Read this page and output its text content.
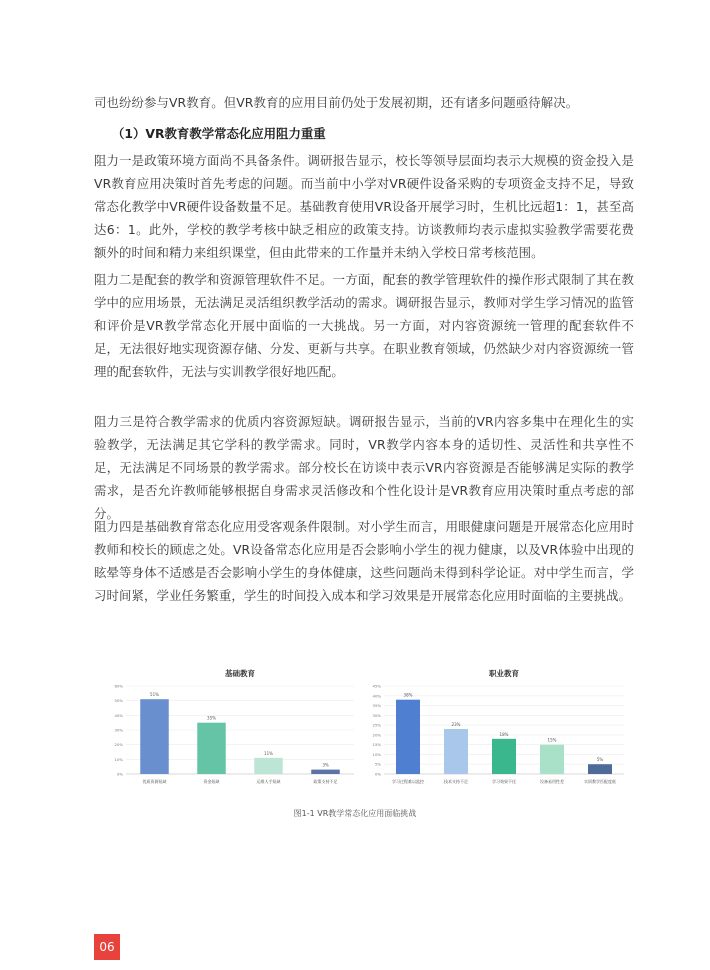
司也纷纷参与VR教育。但VR教育的应用目前仍处于发展初期，还有诸多问题亟待解决。

（1）VR教育教学常态化应用阻力重重

阻力一是政策环境方面尚不具备条件。调研报告显示，校长等领导层面均表示大规模的资金投入是VR教育应用决策时首先考虑的问题。而当前中小学对VR硬件设备采购的专项资金支持不足，导致常态化教学中VR硬件设备数量不足。基础教育使用VR设备开展学习时，生机比远超1：1，甚至高达6：1。此外，学校的教学考核中缺乏相应的政策支持。访谈教师均表示虚拟实验教学需要花费额外的时间和精力来组织课堂，但由此带来的工作量并未纳入学校日常考核范围。

阻力二是配套的教学和资源管理软件不足。一方面，配套的教学管理软件的操作形式限制了其在教学中的应用场景，无法满足灵活组织教学活动的需求。调研报告显示，教师对学生学习情况的监管和评价是VR教学常态化开展中面临的一大挑战。另一方面，对内容资源统一管理的配套软件不足，无法很好地实现资源存储、分发、更新与共享。在职业教育领域，仍然缺少对内容资源统一管理的配套软件，无法与实训教学很好地匹配。

阻力三是符合教学需求的优质内容资源短缺。调研报告显示，当前的VR内容多集中在理化生的实验教学，无法满足其它学科的教学需求。同时，VR教学内容本身的适切性、灵活性和共享性不足，无法满足不同场景的教学需求。部分校长在访谈中表示VR内容资源是否能够满足实际的教学需求，是否允许教师能够根据自身需求灵活修改和个性化设计是VR教育应用决策时重点考虑的部分。

阻力四是基础教育常态化应用受客观条件限制。对小学生而言，用眼健康问题是开展常态化应用时教师和校长的顾虑之处。VR设备常态化应用是否会影响小学生的视力健康，以及VR体验中出现的眩晕等身体不适感是否会影响小学生的身体健康，这些问题尚未得到科学论证。对中学生而言，学习时间紧，学业任务繁重，学生的时间投入成本和学习效果是开展常态化应用时面临的主要挑战。

基础教育
0%
10%
20%
30%
40%
50%
60%
51%
优质资源短缺
35%
资金短缺
11%
运维人手短缺
3%
政策支持不足
职业教育
0%
5%
10%
15%
20%
25%
30%
35%
40%
45%
38%
学习过程难以监控
23%
技术支持不足
18%
学习效果不佳
15%
设备易用性差
5%
实训教学匹配度低
图1-1 VR教学常态化应用面临挑战
06
